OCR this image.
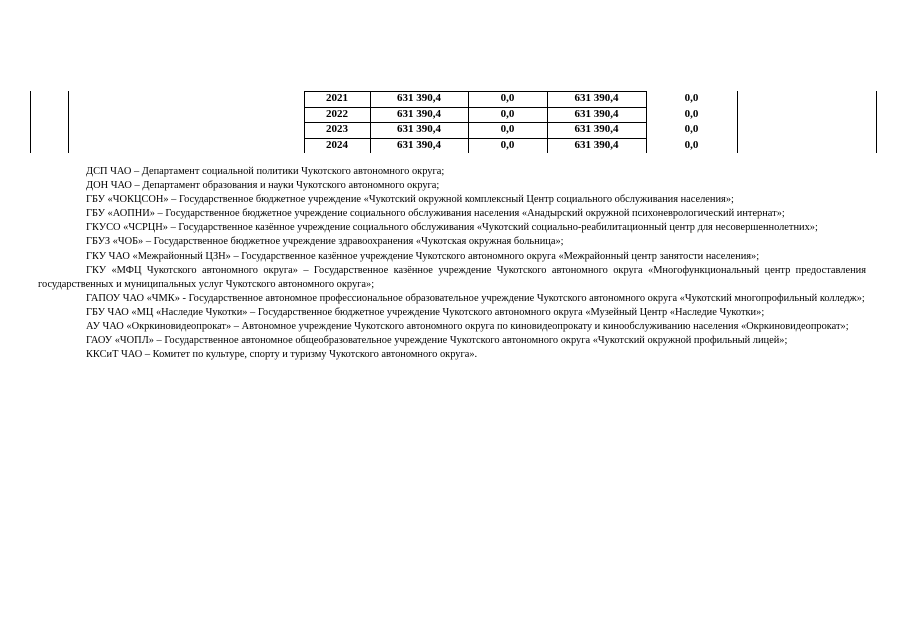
2021	631 390,4	0,0	631 390,4	0,0
2022	631 390,4	0,0	631 390,4	0,0
2023	631 390,4	0,0	631 390,4	0,0
2024	631 390,4	0,0	631 390,4	0,0

ДСП ЧАО – Департамент социальной политики Чукотского автономного округа;

ДОН ЧАО – Департамент образования и науки Чукотского автономного округа;

ГБУ «ЧОКЦСОН» – Государственное бюджетное учреждение «Чукотский окружной комплексный Центр социального обслуживания населения»;

ГБУ «АОПНИ» – Государственное бюджетное учреждение социального обслуживания населения «Анадырский окружной психоневрологический интернат»;

ГКУСО «ЧСРЦН» – Государственное казённое учреждение социального обслуживания «Чукотский социально-реабилитационный центр для несовершеннолетних»;

ГБУЗ «ЧОБ» – Государственное бюджетное учреждение здравоохранения «Чукотская окружная больница»;

ГКУ ЧАО «Межрайонный ЦЗН» – Государственное казённое учреждение Чукотского автономного округа «Межрайонный центр занятости населения»;

ГКУ «МФЦ Чукотского автономного округа» – Государственное казённое учреждение Чукотского автономного округа «Многофункциональный центр предоставления государственных и муниципальных услуг Чукотского автономного округа»;

ГАПОУ ЧАО «ЧМК» - Государственное автономное профессиональное образовательное учреждение Чукотского автономного округа «Чукотский многопрофильный колледж»;

ГБУ ЧАО «МЦ «Наследие Чукотки» – Государственное бюджетное учреждение Чукотского автономного округа «Музейный Центр «Наследие Чукотки»;

АУ ЧАО «Окркиновидеопрокат» – Автономное учреждение Чукотского автономного округа по киновидеопрокату и кинообслуживанию населения «Окркиновидеопрокат»;

ГАОУ «ЧОПЛ» – Государственное автономное общеобразовательное учреждение Чукотского автономного округа «Чукотский окружной профильный лицей»;

ККСиТ ЧАО – Комитет по культуре, спорту и туризму Чукотского автономного округа».
